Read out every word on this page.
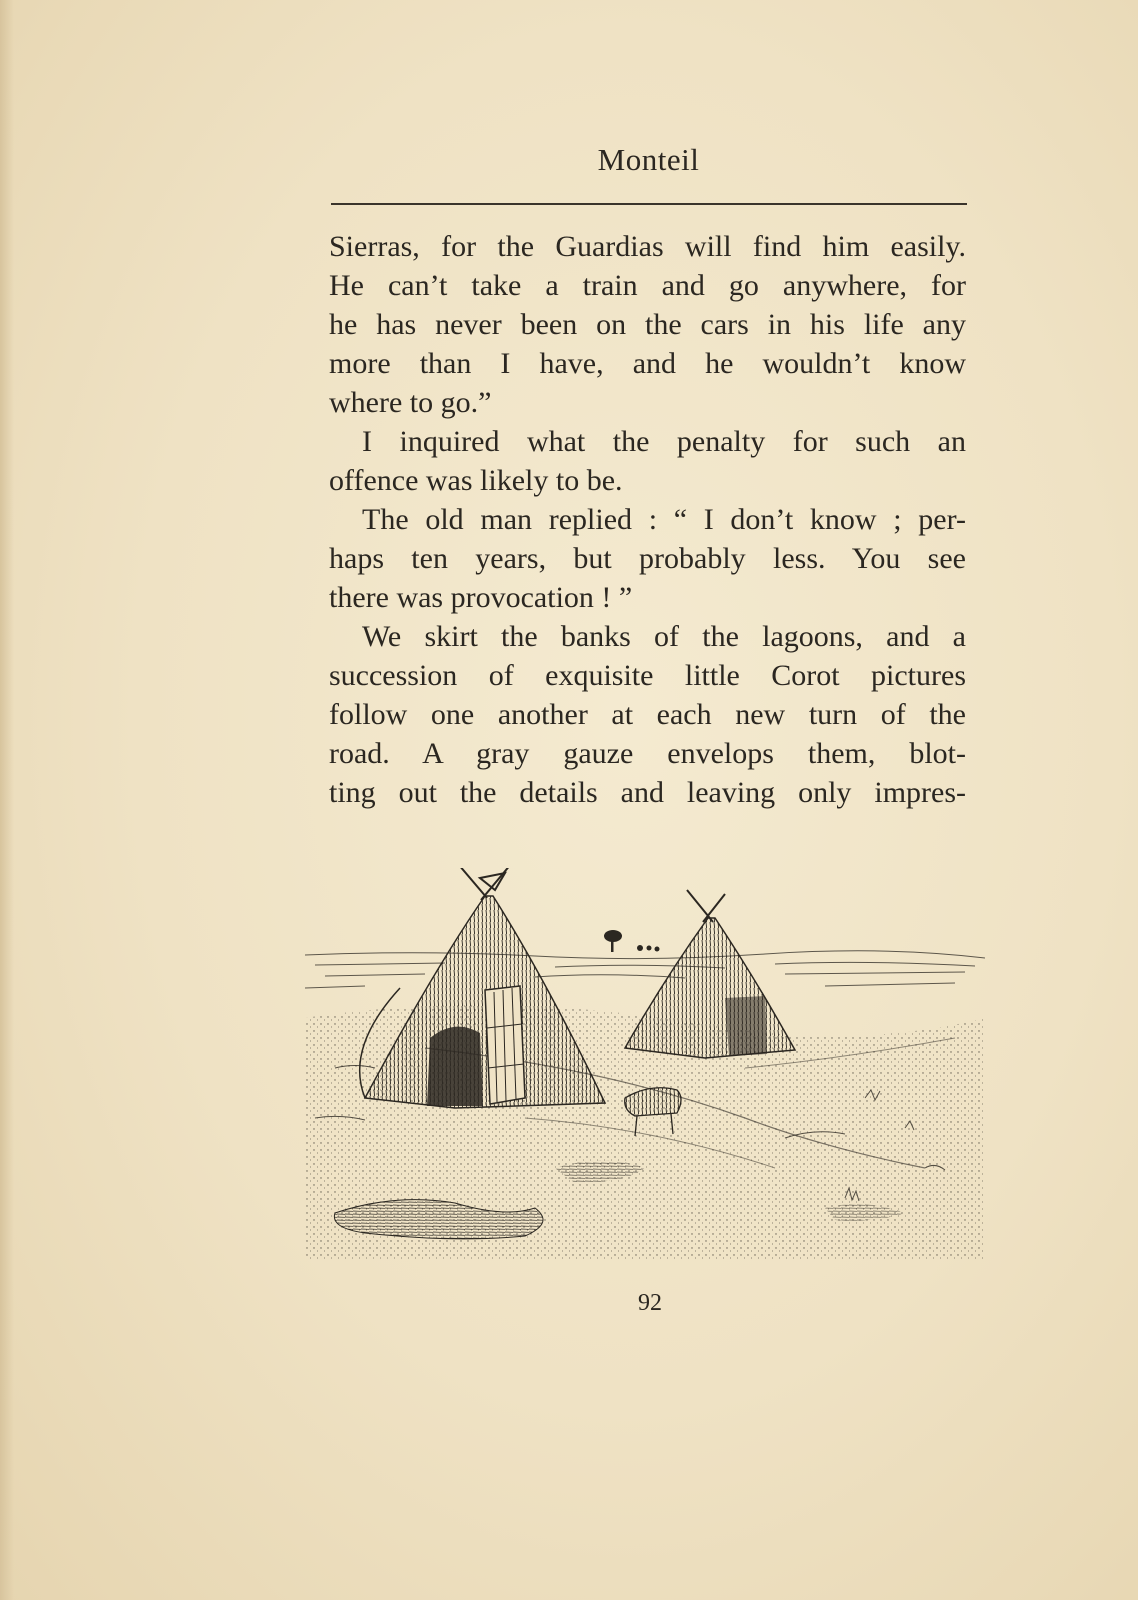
Monteil
Sierras, for the Guardias will find him easily.
He can’t take a train and go anywhere, for
he has never been on the cars in his life any
more than I have, and he wouldn’t know
where to go.”
I inquired what the penalty for such an
offence was likely to be.
The old man replied : “ I don’t know ; per-
haps ten years, but probably less. You see
there was provocation ! ”
We skirt the banks of the lagoons, and a
succession of exquisite little Corot pictures
follow one another at each new turn of the
road. A gray gauze envelops them, blot-
ting out the details and leaving only impres-
92
